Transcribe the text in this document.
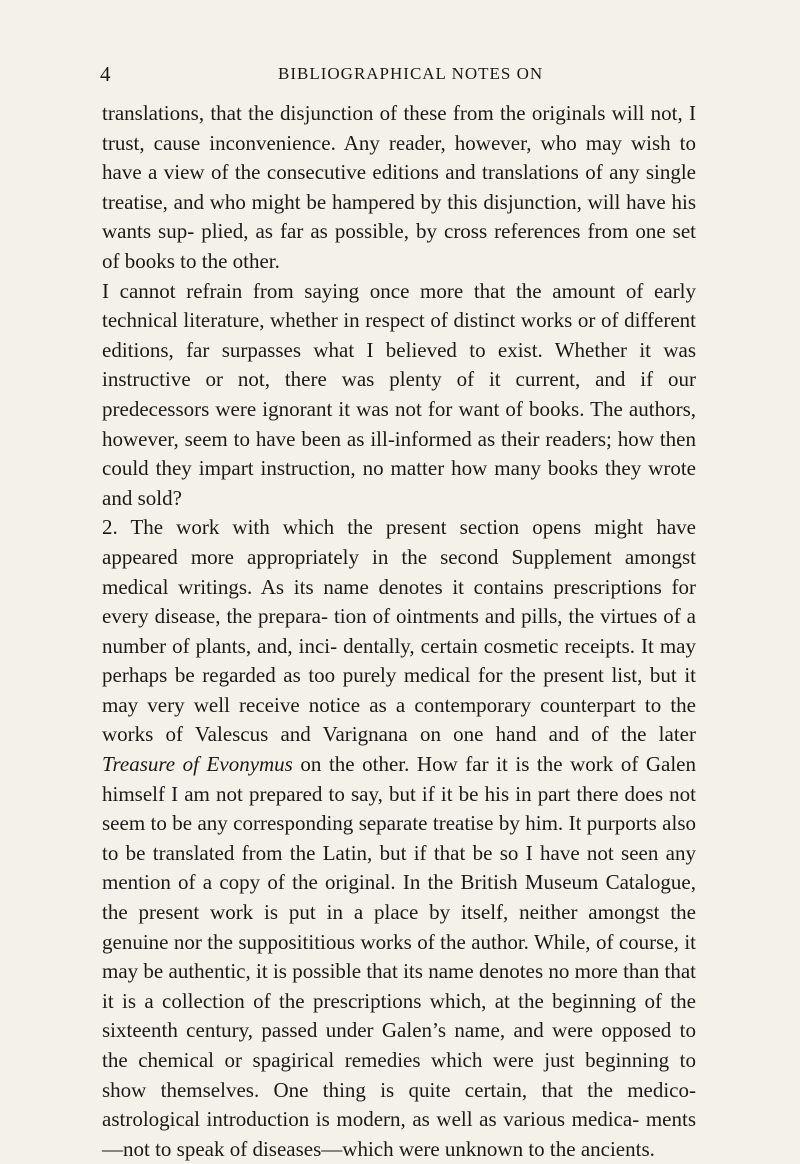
4	BIBLIOGRAPHICAL NOTES ON

translations, that the disjunction of these from the originals will not, I trust, cause inconvenience. Any reader, however, who may wish to have a view of the consecutive editions and translations of any single treatise, and who might be hampered by this disjunction, will have his wants sup- plied, as far as possible, by cross references from one set of books to the other.

I cannot refrain from saying once more that the amount of early technical literature, whether in respect of distinct works or of different editions, far surpasses what I believed to exist. Whether it was instructive or not, there was plenty of it current, and if our predecessors were ignorant it was not for want of books. The authors, however, seem to have been as ill-informed as their readers; how then could they impart instruction, no matter how many books they wrote and sold?

2. The work with which the present section opens might have appeared more appropriately in the second Supplement amongst medical writings. As its name denotes it contains prescriptions for every disease, the prepara- tion of ointments and pills, the virtues of a number of plants, and, inci- dentally, certain cosmetic receipts. It may perhaps be regarded as too purely medical for the present list, but it may very well receive notice as a contemporary counterpart to the works of Valescus and Varignana on one hand and of the later Treasure of Evonymus on the other. How far it is the work of Galen himself I am not prepared to say, but if it be his in part there does not seem to be any corresponding separate treatise by him. It purports also to be translated from the Latin, but if that be so I have not seen any mention of a copy of the original. In the British Museum Catalogue, the present work is put in a place by itself, neither amongst the genuine nor the supposititious works of the author. While, of course, it may be authentic, it is possible that its name denotes no more than that it is a collection of the prescriptions which, at the beginning of the sixteenth century, passed under Galen’s name, and were opposed to the chemical or spagirical remedies which were just beginning to show themselves. One thing is quite certain, that the medico-astrological introduction is modern, as well as various medica- ments—not to speak of diseases—which were unknown to the ancients.
